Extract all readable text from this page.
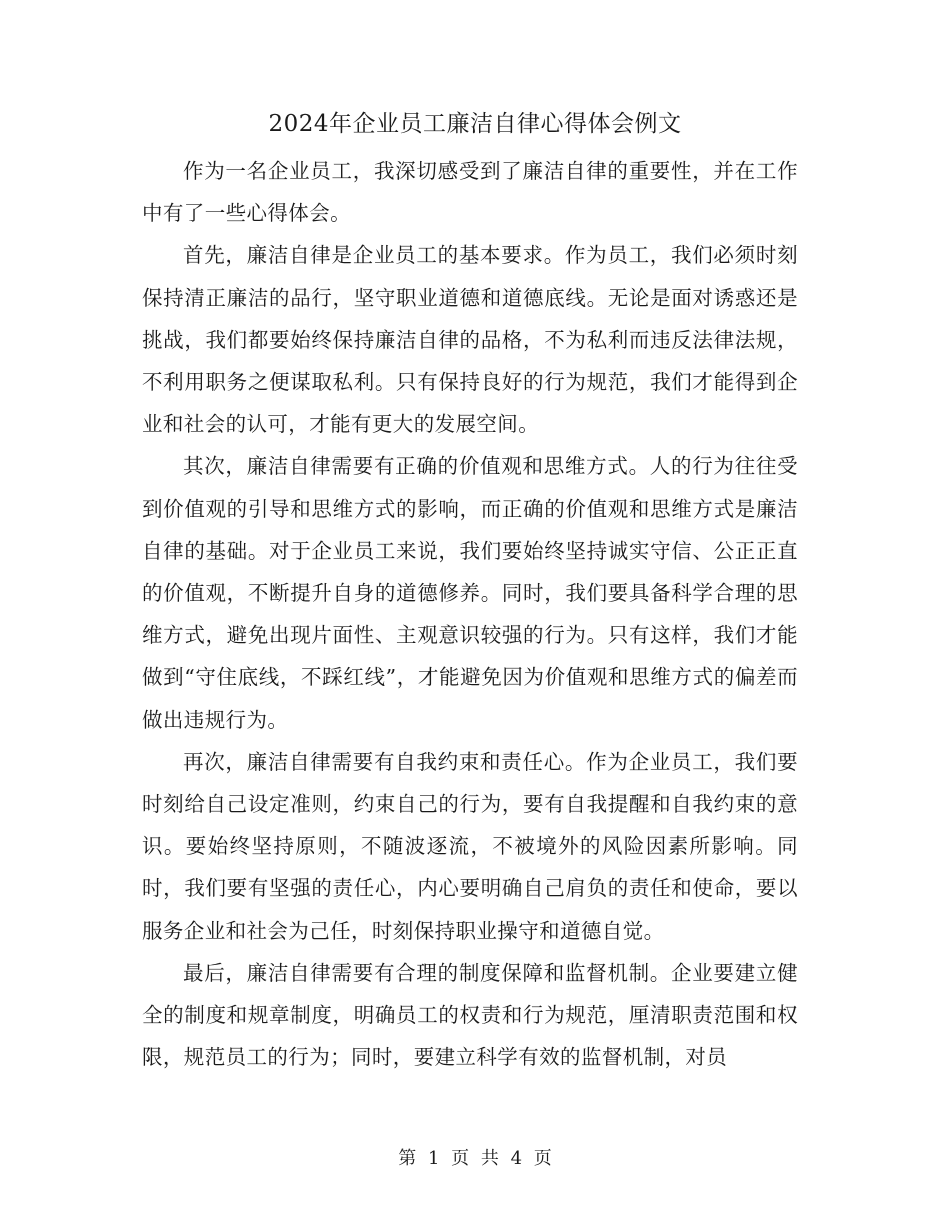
2024年企业员工廉洁自律心得体会例文

作为一名企业员工，我深切感受到了廉洁自律的重要性，并在工作中有了一些心得体会。

首先，廉洁自律是企业员工的基本要求。作为员工，我们必须时刻保持清正廉洁的品行，坚守职业道德和道德底线。无论是面对诱惑还是挑战，我们都要始终保持廉洁自律的品格，不为私利而违反法律法规，不利用职务之便谋取私利。只有保持良好的行为规范，我们才能得到企业和社会的认可，才能有更大的发展空间。

其次，廉洁自律需要有正确的价值观和思维方式。人的行为往往受到价值观的引导和思维方式的影响，而正确的价值观和思维方式是廉洁自律的基础。对于企业员工来说，我们要始终坚持诚实守信、公正正直的价值观，不断提升自身的道德修养。同时，我们要具备科学合理的思维方式，避免出现片面性、主观意识较强的行为。只有这样，我们才能做到“守住底线，不踩红线”，才能避免因为价值观和思维方式的偏差而做出违规行为。

再次，廉洁自律需要有自我约束和责任心。作为企业员工，我们要时刻给自己设定准则，约束自己的行为，要有自我提醒和自我约束的意识。要始终坚持原则，不随波逐流，不被境外的风险因素所影响。同时，我们要有坚强的责任心，内心要明确自己肩负的责任和使命，要以服务企业和社会为己任，时刻保持职业操守和道德自觉。

最后，廉洁自律需要有合理的制度保障和监督机制。企业要建立健全的制度和规章制度，明确员工的权责和行为规范，厘清职责范围和权限，规范员工的行为；同时，要建立科学有效的监督机制，对员

第 1 页 共 4 页
